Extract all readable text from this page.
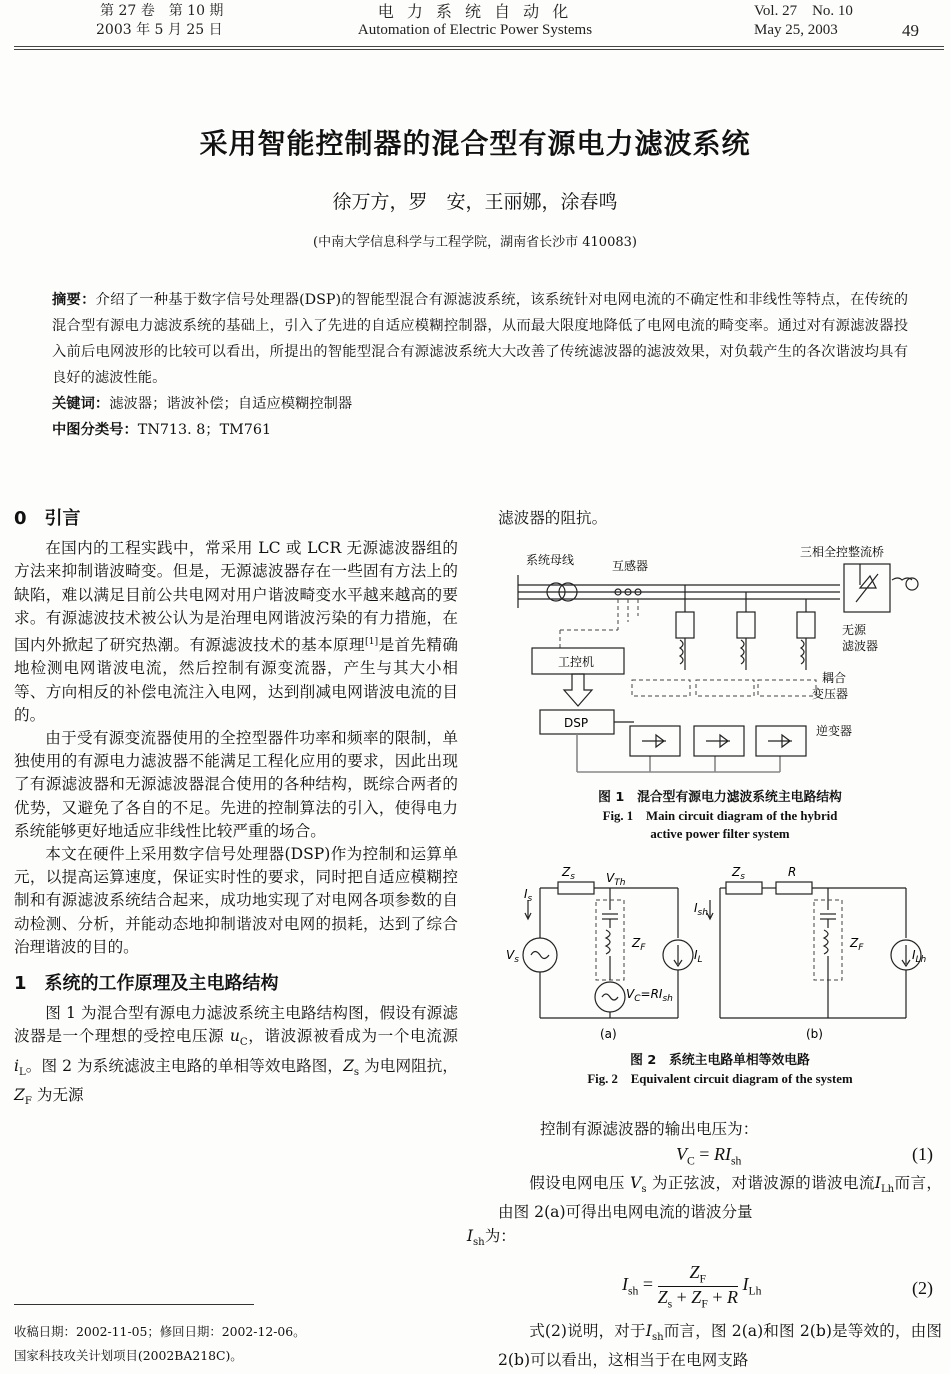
第 27 卷　第 10 期
2003 年 5 月 25 日
电 力 系 统 自 动 化
Automation of Electric Power Systems
Vol. 27　No. 10
May 25, 2003	49
采用智能控制器的混合型有源电力滤波系统
徐万方，罗　安，王丽娜，涂春鸣
(中南大学信息科学与工程学院，湖南省长沙市 410083)
摘要：介绍了一种基于数字信号处理器(DSP)的智能型混合有源滤波系统，该系统针对电网电流的不确定性和非线性等特点，在传统的混合型有源电力滤波系统的基础上，引入了先进的自适应模糊控制器，从而最大限度地降低了电网电流的畸变率。通过对有源滤波器投入前后电网波形的比较可以看出，所提出的智能型混合有源滤波系统大大改善了传统滤波器的滤波效果，对负载产生的各次谐波均具有良好的滤波性能。
关键词：滤波器；谐波补偿；自适应模糊控制器
中图分类号：TN713. 8；TM761
0　引言

在国内的工程实践中，常采用 LC 或 LCR 无源滤波器组的方法来抑制谐波畸变。但是，无源滤波器存在一些固有方法上的缺陷，难以满足目前公共电网对用户谐波畸变水平越来越高的要求。有源滤波技术被公认为是治理电网谐波污染的有力措施，在国内外掀起了研究热潮。有源滤波技术的基本原理[1]是首先精确地检测电网谐波电流，然后控制有源变流器，产生与其大小相等、方向相反的补偿电流注入电网，达到削减电网谐波电流的目的。

由于受有源变流器使用的全控型器件功率和频率的限制，单独使用的有源电力滤波器不能满足工程化应用的要求，因此出现了有源滤波器和无源滤波器混合使用的各种结构，既综合两者的优势，又避免了各自的不足。先进的控制算法的引入，使得电力系统能够更好地适应非线性比较严重的场合。

本文在硬件上采用数字信号处理器(DSP)作为控制和运算单元，以提高运算速度，保证实时性的要求，同时把自适应模糊控制和有源滤波系统结合起来，成功地实现了对电网各项参数的自动检测、分析，并能动态地抑制谐波对电网的损耗，达到了综合治理谐波的目的。

1　系统的工作原理及主电路结构

图 1 为混合型有源电力滤波系统主电路结构图，假设有源滤波器是一个理想的受控电压源 $u_C$，谐波源被看成为一个电流源 $i_L$。图 2 为系统滤波主电路的单相等效电路图，$Z_s$ 为电网阻抗，$Z_F$ 为无源

收稿日期：2002-11-05；修回日期：2002-12-06。
国家科技攻关计划项目(2002BA218C)。
滤波器的阻抗。
系统母线	互感器
三相全控整流桥
工控机
DSP
无源
滤波器
耦合
变压器
逆变器
图 1　混合型有源电力滤波系统主电路结构
Fig. 1　Main circuit diagram of the hybrid
active power filter system
$Z_s$	$V_{Th}$
$I_s$
$V_s$
$Z_F$	$I_L$
$V_C=RI_{sh}$
$Z_s$	R
$I_{sh}$
$Z_F$	$I_{Lh}$
(a)	(b)
图 2　系统主电路单相等效电路
Fig. 2　Equivalent circuit diagram of the system
控制有源滤波器的输出电压为：
$V_C = RI_{sh}$	(1)

假设电网电压 $V_s$ 为正弦波，对谐波源的谐波电流$I_{Lh}$而言，由图 2(a)可得出电网电流的谐波分量
$I_{sh}$为：

$I_{sh} = \frac{Z_F}{Z_s + Z_F + R} I_{Lh}$	(2)

式(2)说明，对于$I_{sh}$而言，图 2(a)和图 2(b)是等效的，由图 2(b)可以看出，这相当于在电网支路
